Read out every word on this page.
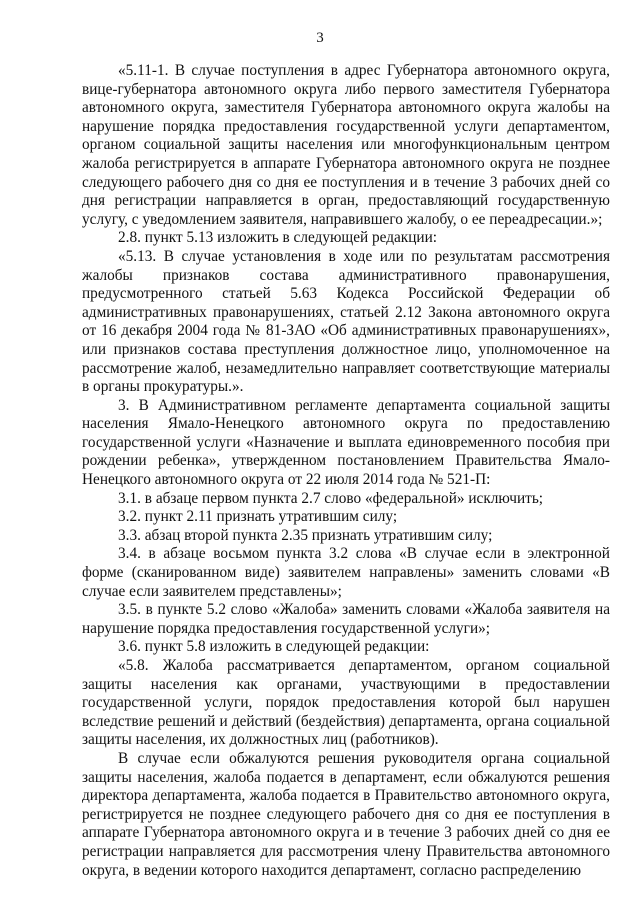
3

«5.11-1. В случае поступления в адрес Губернатора автономного округа, вице-губернатора автономного округа либо первого заместителя Губернатора автономного округа, заместителя Губернатора автономного округа жалобы на нарушение порядка предоставления государственной услуги департаментом, органом социальной защиты населения или многофункциональным центром жалоба регистрируется в аппарате Губернатора автономного округа не позднее следующего рабочего дня со дня ее поступления и в течение 3 рабочих дней со дня регистрации направляется в орган, предоставляющий государственную услугу, с уведомлением заявителя, направившего жалобу, о ее переадресации.»;

2.8. пункт 5.13 изложить в следующей редакции:

«5.13. В случае установления в ходе или по результатам рассмотрения жалобы признаков состава административного правонарушения, предусмотренного статьей 5.63 Кодекса Российской Федерации об административных правонарушениях, статьей 2.12 Закона автономного округа от 16 декабря 2004 года № 81-ЗАО «Об административных правонарушениях», или признаков состава преступления должностное лицо, уполномоченное на рассмотрение жалоб, незамедлительно направляет соответствующие материалы в органы прокуратуры.».

3. В Административном регламенте департамента социальной защиты населения Ямало-Ненецкого автономного округа по предоставлению государственной услуги «Назначение и выплата единовременного пособия при рождении ребенка», утвержденном постановлением Правительства Ямало-Ненецкого автономного округа от 22 июля 2014 года № 521-П:

3.1. в абзаце первом пункта 2.7 слово «федеральной» исключить;

3.2. пункт 2.11 признать утратившим силу;

3.3. абзац второй пункта 2.35 признать утратившим силу;

3.4. в абзаце восьмом пункта 3.2 слова «В случае если в электронной форме (сканированном виде) заявителем направлены» заменить словами «В случае если заявителем представлены»;

3.5. в пункте 5.2 слово «Жалоба» заменить словами «Жалоба заявителя на нарушение порядка предоставления государственной услуги»;

3.6. пункт 5.8 изложить в следующей редакции:

«5.8. Жалоба рассматривается департаментом, органом социальной защиты населения как органами, участвующими в предоставлении государственной услуги, порядок предоставления которой был нарушен вследствие решений и действий (бездействия) департамента, органа социальной защиты населения, их должностных лиц (работников).

В случае если обжалуются решения руководителя органа социальной защиты населения, жалоба подается в департамент, если обжалуются решения директора департамента, жалоба подается в Правительство автономного округа, регистрируется не позднее следующего рабочего дня со дня ее поступления в аппарате Губернатора автономного округа и в течение 3 рабочих дней со дня ее регистрации направляется для рассмотрения члену Правительства автономного округа, в ведении которого находится департамент, согласно распределению
